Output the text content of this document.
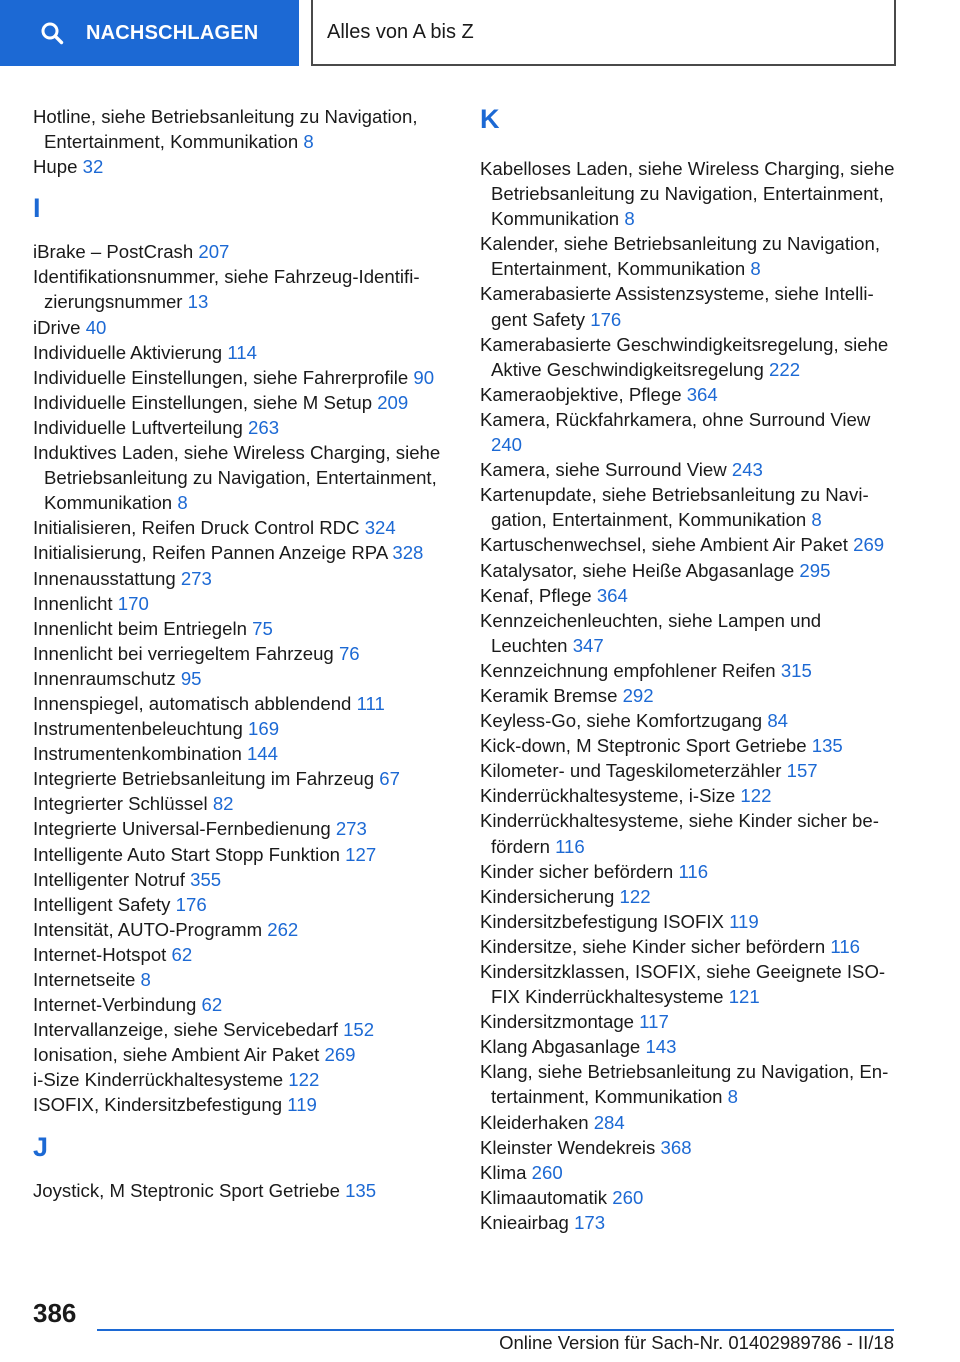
NACHSCHLAGEN	Alles von A bis Z
Hotline, siehe Betriebsanleitung zu Navigation, Entertainment, Kommunikation 8
Hupe 32
I
iBrake – PostCrash 207
Identifikationsnummer, siehe Fahrzeug-Identifizierungsnummer 13
iDrive 40
Individuelle Aktivierung 114
Individuelle Einstellungen, siehe Fahrerprofile 90
Individuelle Einstellungen, siehe M Setup 209
Individuelle Luftverteilung 263
Induktives Laden, siehe Wireless Charging, siehe Betriebsanleitung zu Navigation, Entertainment, Kommunikation 8
Initialisieren, Reifen Druck Control RDC 324
Initialisierung, Reifen Pannen Anzeige RPA 328
Innenausstattung 273
Innenlicht 170
Innenlicht beim Entriegeln 75
Innenlicht bei verriegeltem Fahrzeug 76
Innenraumschutz 95
Innenspiegel, automatisch abblendend 111
Instrumentenbeleuchtung 169
Instrumentenkombination 144
Integrierte Betriebsanleitung im Fahrzeug 67
Integrierter Schlüssel 82
Integrierte Universal-Fernbedienung 273
Intelligente Auto Start Stopp Funktion 127
Intelligenter Notruf 355
Intelligent Safety 176
Intensität, AUTO-Programm 262
Internet-Hotspot 62
Internetseite 8
Internet-Verbindung 62
Intervallanzeige, siehe Servicebedarf 152
Ionisation, siehe Ambient Air Paket 269
i-Size Kinderrückhaltesysteme 122
ISOFIX, Kindersitzbefestigung 119
J
Joystick, M Steptronic Sport Getriebe 135
K
Kabelloses Laden, siehe Wireless Charging, siehe Betriebsanleitung zu Navigation, Entertainment, Kommunikation 8
Kalender, siehe Betriebsanleitung zu Navigation, Entertainment, Kommunikation 8
Kamerabasierte Assistenzsysteme, siehe Intelligent Safety 176
Kamerabasierte Geschwindigkeitsregelung, siehe Aktive Geschwindigkeitsregelung 222
Kameraobjektive, Pflege 364
Kamera, Rückfahrkamera, ohne Surround View 240
Kamera, siehe Surround View 243
Kartenupdate, siehe Betriebsanleitung zu Navigation, Entertainment, Kommunikation 8
Kartuschenwechsel, siehe Ambient Air Paket 269
Katalysator, siehe Heiße Abgasanlage 295
Kenaf, Pflege 364
Kennzeichenleuchten, siehe Lampen und Leuchten 347
Kennzeichnung empfohlener Reifen 315
Keramik Bremse 292
Keyless-Go, siehe Komfortzugang 84
Kick-down, M Steptronic Sport Getriebe 135
Kilometer- und Tageskilometerzähler 157
Kinderrückhaltesysteme, i-Size 122
Kinderrückhaltesysteme, siehe Kinder sicher befördern 116
Kinder sicher befördern 116
Kindersicherung 122
Kindersitzbefestigung ISOFIX 119
Kindersitze, siehe Kinder sicher befördern 116
Kindersitzklassen, ISOFIX, siehe Geeignete ISOFIX Kinderrückhaltesysteme 121
Kindersitzmontage 117
Klang Abgasanlage 143
Klang, siehe Betriebsanleitung zu Navigation, Entertainment, Kommunikation 8
Kleiderhaken 284
Kleinster Wendekreis 368
Klima 260
Klimaautomatik 260
Knieairbag 173
386
Online Version für Sach-Nr. 01402989786 - II/18
